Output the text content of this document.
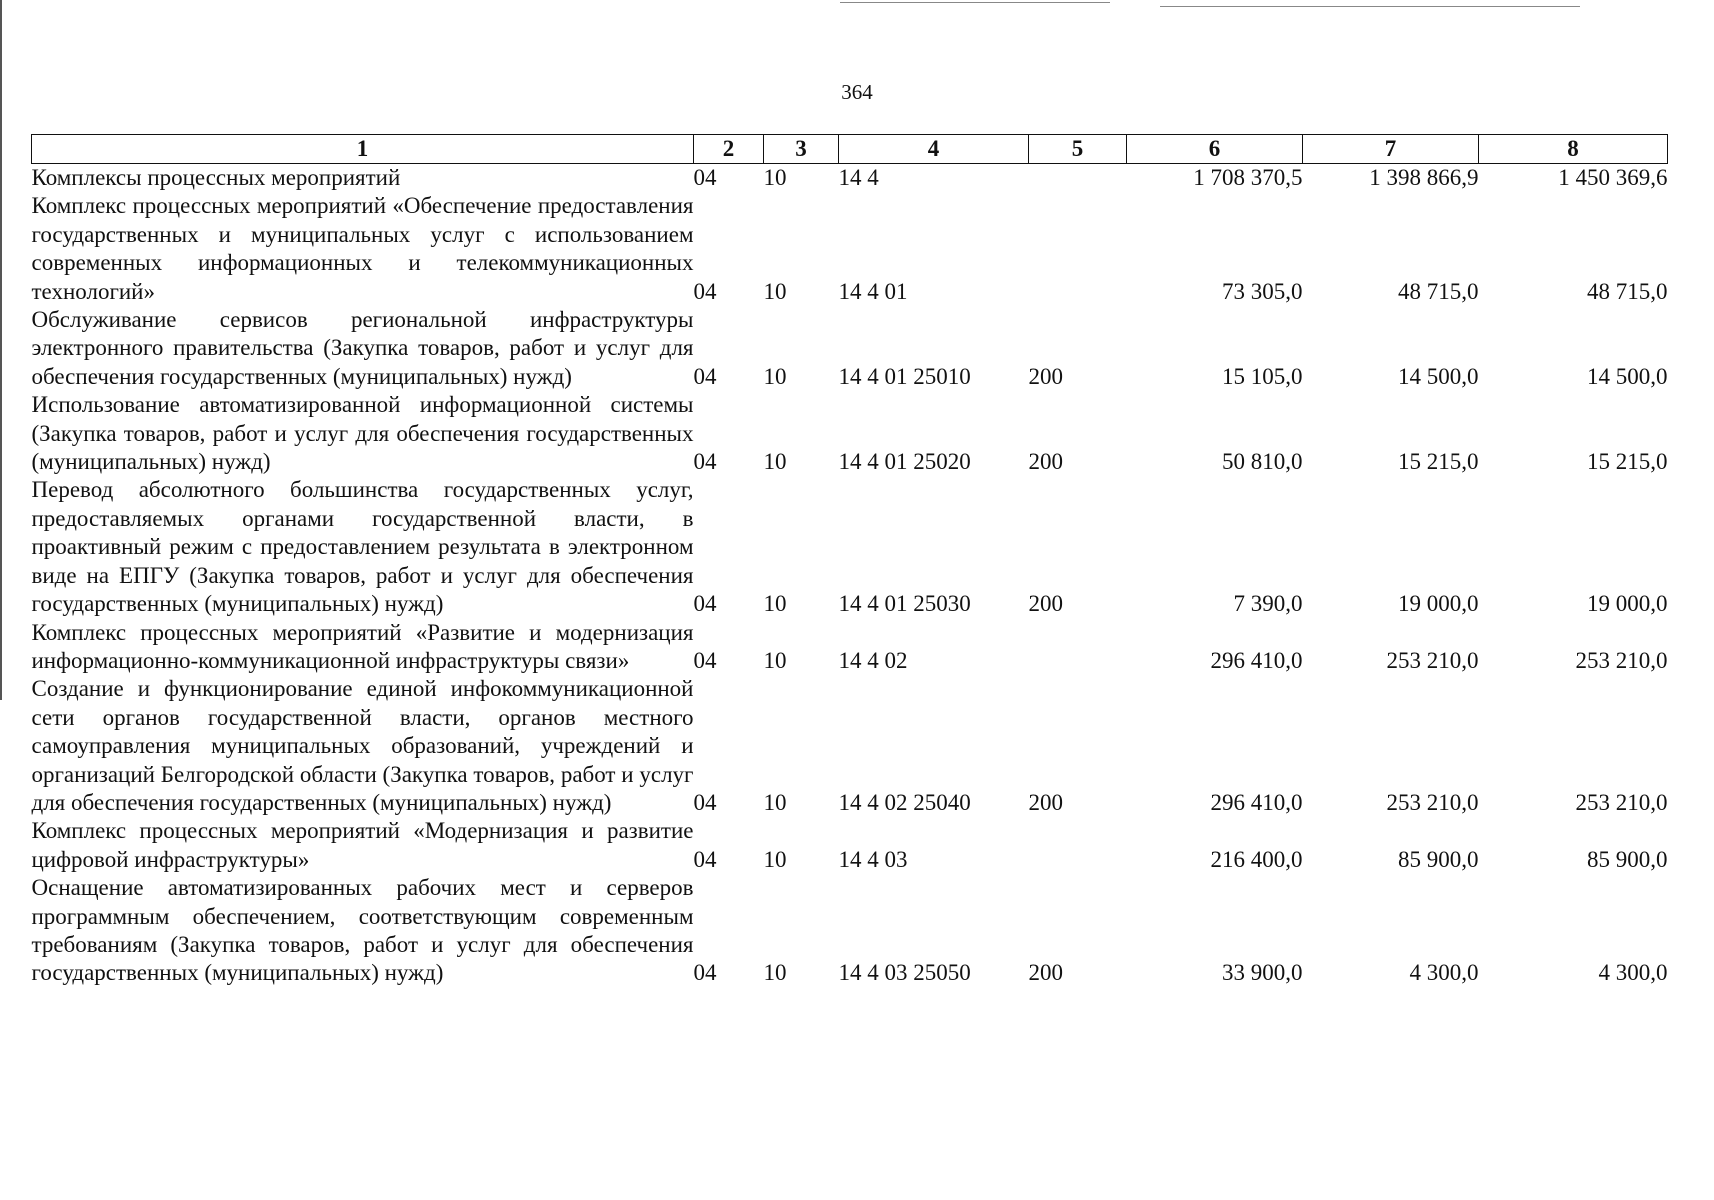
364
1	2	3	4	5	6	7	8
Комплексы процессных мероприятий	04	10	14 4		1 708 370,5	1 398 866,9	1 450 369,6
Комплекс процессных мероприятий «Обеспечение предоставления государственных и муниципальных услуг с использованием современных информационных и телекоммуникационных технологий»	04	10	14 4 01		73 305,0	48 715,0	48 715,0
Обслуживание сервисов региональной инфраструктуры электронного правительства (Закупка товаров, работ и услуг для обеспечения государственных (муниципальных) нужд)	04	10	14 4 01 25010	200	15 105,0	14 500,0	14 500,0
Использование автоматизированной информационной системы (Закупка товаров, работ и услуг для обеспечения государственных (муниципальных) нужд)	04	10	14 4 01 25020	200	50 810,0	15 215,0	15 215,0
Перевод абсолютного большинства государственных услуг, предоставляемых органами государственной власти, в проактивный режим с предоставлением результата в электронном виде на ЕПГУ (Закупка товаров, работ и услуг для обеспечения государственных (муниципальных) нужд)	04	10	14 4 01 25030	200	7 390,0	19 000,0	19 000,0
Комплекс процессных мероприятий «Развитие и модернизация информационно-коммуникационной инфраструктуры связи»	04	10	14 4 02		296 410,0	253 210,0	253 210,0
Создание и функционирование единой инфокоммуникационной сети органов государственной власти, органов местного самоуправления муниципальных образований, учреждений и организаций Белгородской области (Закупка товаров, работ и услуг для обеспечения государственных (муниципальных) нужд)	04	10	14 4 02 25040	200	296 410,0	253 210,0	253 210,0
Комплекс процессных мероприятий «Модернизация и развитие цифровой инфраструктуры»	04	10	14 4 03		216 400,0	85 900,0	85 900,0
Оснащение автоматизированных рабочих мест и серверов программным обеспечением, соответствующим современным требованиям (Закупка товаров, работ и услуг для обеспечения государственных (муниципальных) нужд)	04	10	14 4 03 25050	200	33 900,0	4 300,0	4 300,0
